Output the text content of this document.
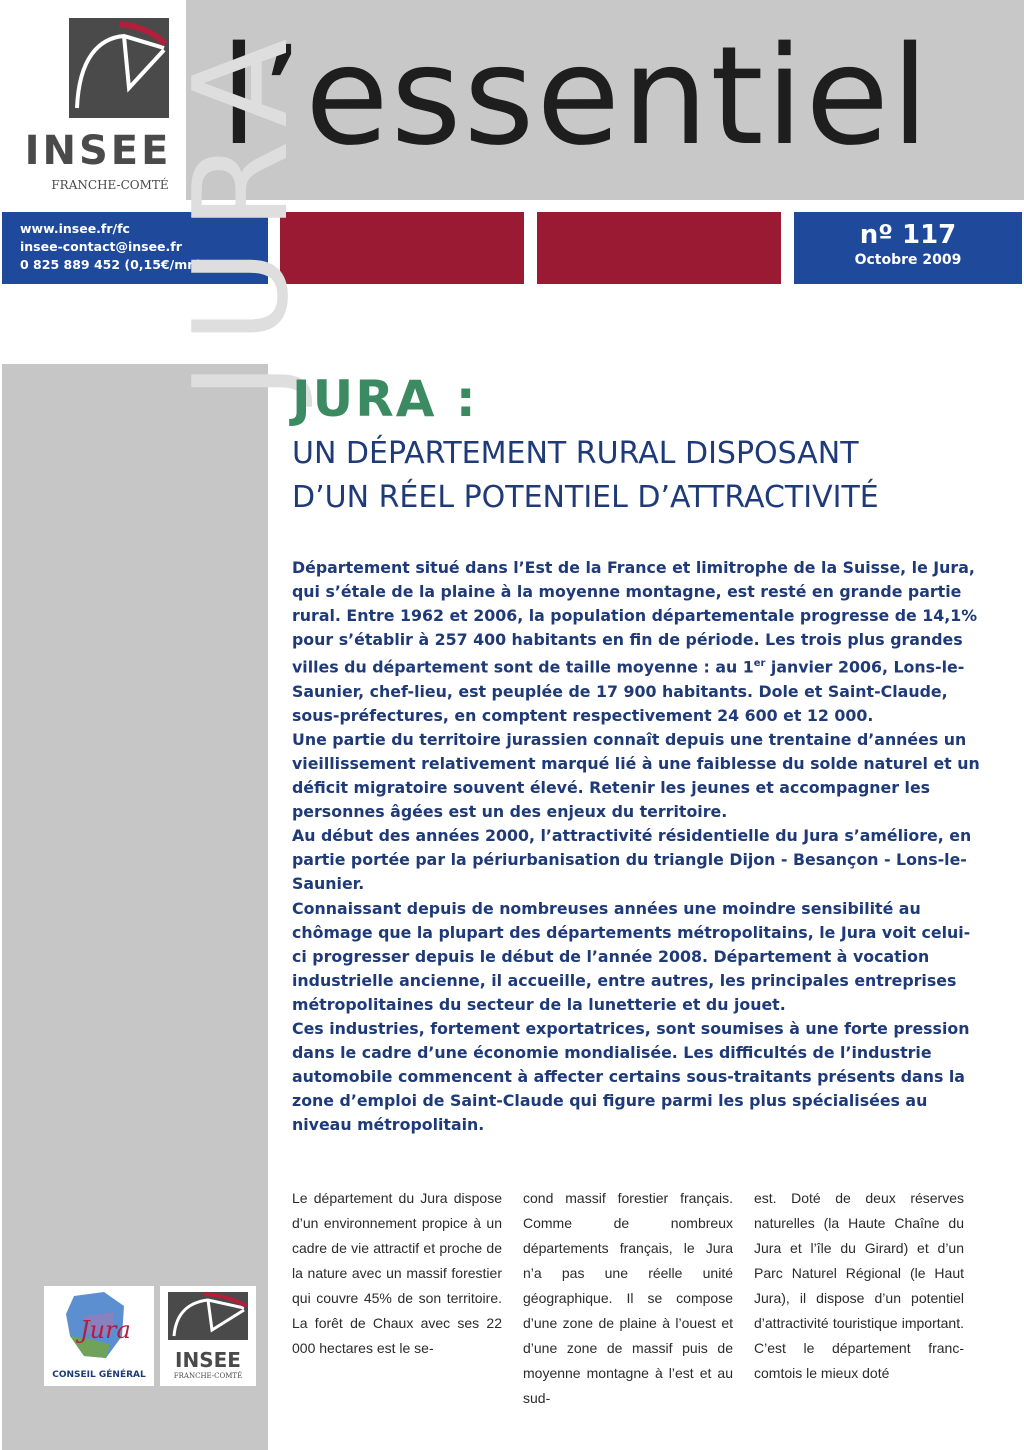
INSEE
FRANCHE-COMTÉ
l’essentiel
www.insee.fr/fc
insee-contact@insee.fr
0 825 889 452 (0,15€/mn)
nº 117
Octobre 2009
JURA
Jura
CONSEIL GÉNÉRAL
INSEE
FRANCHE-COMTÉ
JURA :
UN DÉPARTEMENT RURAL DISPOSANT
D’UN RÉEL POTENTIEL D’ATTRACTIVITÉ

Département situé dans l’Est de la France et limitrophe de la Suisse, le Jura, qui s’étale de la plaine à la moyenne montagne, est resté en grande partie rural. Entre 1962 et 2006, la population départementale progresse de 14,1% pour s’établir à 257 400 habitants en fin de période. Les trois plus grandes villes du département sont de taille moyenne : au 1er janvier 2006, Lons-le-Saunier, chef-lieu, est peuplée de 17 900 habitants. Dole et Saint-Claude, sous-préfectures, en comptent respectivement 24 600 et 12 000.

Une partie du territoire jurassien connaît depuis une trentaine d’années un vieillissement relativement marqué lié à une faiblesse du solde naturel et un déficit migratoire souvent élevé. Retenir les jeunes et accompagner les personnes âgées est un des enjeux du territoire.

Au début des années 2000, l’attractivité résidentielle du Jura s’améliore, en partie portée par la périurbanisation du triangle Dijon - Besançon - Lons-le-Saunier.

Connaissant depuis de nombreuses années une moindre sensibilité au chômage que la plupart des départements métropolitains, le Jura voit celui-ci progresser depuis le début de l’année 2008. Département à vocation industrielle ancienne, il accueille, entre autres, les principales entreprises métropolitaines du secteur de la lunetterie et du jouet.

Ces industries, fortement exportatrices, sont soumises à une forte pression dans le cadre d’une économie mondialisée. Les difficultés de l’industrie automobile commencent à affecter certains sous-traitants présents dans la zone d’emploi de Saint-Claude qui figure parmi les plus spécialisées au niveau métropolitain.

Le département du Jura dispose d’un environnement propice à un cadre de vie attractif et proche de la nature avec un massif forestier qui couvre 45% de son territoire. La forêt de Chaux avec ses 22 000 hectares est le se-
cond massif forestier français. Comme de nombreux départements français, le Jura n’a pas une réelle unité géographique. Il se compose d’une zone de plaine à l’ouest et d’une zone de massif puis de moyenne montagne à l’est et au sud-
est. Doté de deux réserves naturelles (la Haute Chaîne du Jura et l’île du Girard) et d’un Parc Naturel Régional (le Haut Jura), il dispose d’un potentiel d’attractivité touristique important. C’est le département franc-comtois le mieux doté
